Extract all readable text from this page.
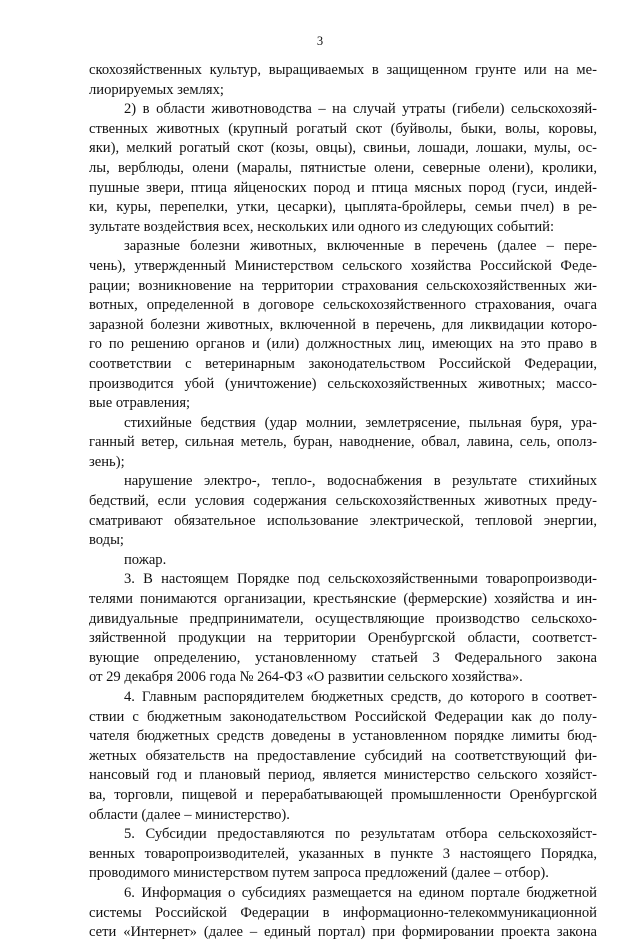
3

скохозяйственных культур, выращиваемых в защищенном грунте или на ме-

лиорируемых землях;

2) в области животноводства – на случай утраты (гибели) сельскохозяй-

ственных животных (крупный рогатый скот (буйволы, быки, волы, коровы,

яки), мелкий рогатый скот (козы, овцы), свиньи, лошади, лошаки, мулы, ос-

лы, верблюды, олени (маралы, пятнистые олени, северные олени), кролики,

пушные звери, птица яйценоских пород и птица мясных пород (гуси, индей-

ки, куры, перепелки, утки, цесарки), цыплята-бройлеры, семьи пчел) в ре-

зультате воздействия всех, нескольких или одного из следующих событий:

заразные болезни животных, включенные в перечень (далее – пере-

чень), утвержденный Министерством сельского хозяйства Российской Феде-

рации; возникновение на территории страхования сельскохозяйственных жи-

вотных, определенной в договоре сельскохозяйственного страхования, очага

заразной болезни животных, включенной в перечень, для ликвидации которо-

го по решению органов и (или) должностных лиц, имеющих на это право в

соответствии с ветеринарным законодательством Российской Федерации,

производится убой (уничтожение) сельскохозяйственных животных; массо-

вые отравления;

стихийные бедствия (удар молнии, землетрясение, пыльная буря, ура-

ганный ветер, сильная метель, буран, наводнение, обвал, лавина, сель, ополз-

зень);

нарушение электро-, тепло-, водоснабжения в результате стихийных

бедствий, если условия содержания сельскохозяйственных животных преду-

сматривают обязательное использование электрической, тепловой энергии,

воды;

пожар.

3. В настоящем Порядке под сельскохозяйственными товаропроизводи-

телями понимаются организации, крестьянские (фермерские) хозяйства и ин-

дивидуальные предприниматели, осуществляющие производство сельскохо-

зяйственной продукции на территории Оренбургской области, соответст-

вующие определению, установленному статьей 3 Федерального закона

от 29 декабря 2006 года № 264-ФЗ «О развитии сельского хозяйства».

4. Главным распорядителем бюджетных средств, до которого в соответ-

ствии с бюджетным законодательством Российской Федерации как до полу-

чателя бюджетных средств доведены в установленном порядке лимиты бюд-

жетных обязательств на предоставление субсидий на соответствующий фи-

нансовый год и плановый период, является министерство сельского хозяйст-

ва, торговли, пищевой и перерабатывающей промышленности Оренбургской

области (далее – министерство).

5. Субсидии предоставляются по результатам отбора сельскохозяйст-

венных товаропроизводителей, указанных в пункте 3 настоящего Порядка,

проводимого министерством путем запроса предложений (далее – отбор).

6. Информация о субсидиях размещается на едином портале бюджетной

системы Российской Федерации в информационно-телекоммуникационной

сети «Интернет» (далее – единый портал) при формировании проекта закона
